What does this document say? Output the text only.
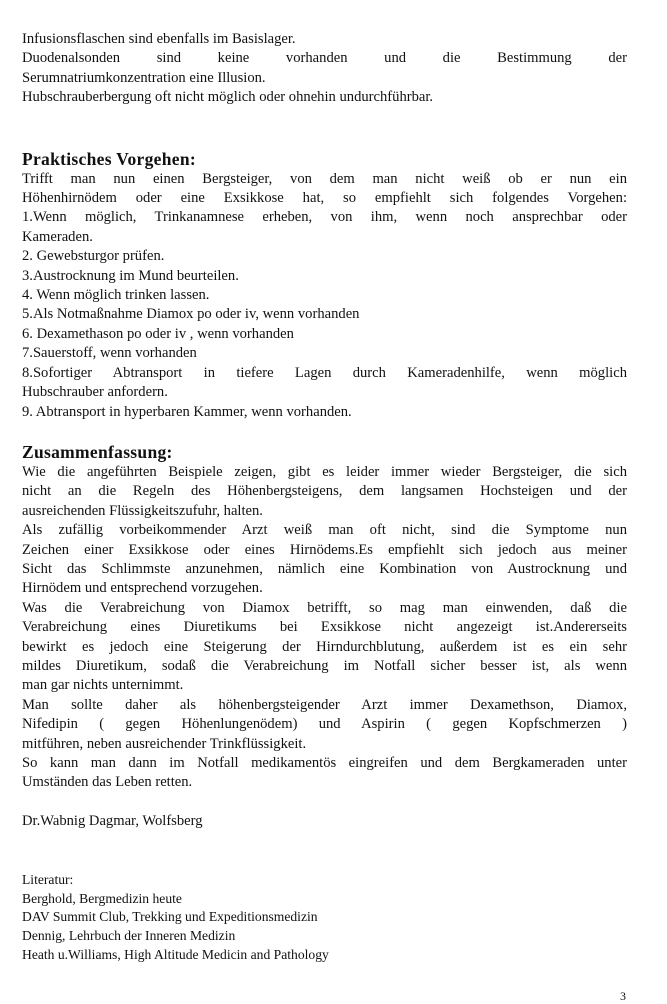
Infusionsflaschen sind ebenfalls im Basislager.
Duodenalsonden sind keine vorhanden und die Bestimmung der
Serumnatriumkonzentration eine Illusion.
Hubschrauberbergung oft nicht möglich oder ohnehin undurchführbar.
Praktisches Vorgehen:
Trifft man nun einen Bergsteiger, von dem man nicht weiß ob er nun ein
Höhenhirnödem oder eine Exsikkose hat, so empfiehlt sich folgendes Vorgehen:
1.Wenn möglich, Trinkanamnese erheben, von ihm, wenn noch ansprechbar oder
Kameraden.
2. Gewebsturgor prüfen.
3.Austrocknung im Mund beurteilen.
4. Wenn möglich trinken lassen.
5.Als Notmaßnahme Diamox po oder iv, wenn vorhanden
6. Dexamethason po oder iv , wenn vorhanden
7.Sauerstoff, wenn vorhanden
8.Sofortiger Abtransport in tiefere Lagen durch Kameradenhilfe, wenn möglich
Hubschrauber anfordern.
9. Abtransport in hyperbaren Kammer, wenn vorhanden.
Zusammenfassung:
Wie die angeführten Beispiele zeigen, gibt es leider immer wieder Bergsteiger, die sich
nicht an die Regeln des Höhenbergsteigens, dem langsamen Hochsteigen und der
ausreichenden Flüssigkeitszufuhr, halten.
Als zufällig vorbeikommender Arzt weiß man oft nicht, sind die Symptome nun
Zeichen einer Exsikkose oder eines Hirnödems.Es empfiehlt sich jedoch aus meiner
Sicht das Schlimmste anzunehmen, nämlich eine Kombination von Austrocknung und
Hirnödem und entsprechend vorzugehen.
Was die Verabreichung von Diamox betrifft, so mag man einwenden, daß die
Verabreichung eines Diuretikums bei Exsikkose nicht angezeigt ist.Andererseits
bewirkt es jedoch eine Steigerung der Hirndurchblutung, außerdem ist es ein sehr
mildes Diuretikum, sodaß die Verabreichung im Notfall sicher besser ist, als wenn
man gar nichts unternimmt.
Man sollte daher als höhenbergsteigender Arzt immer Dexamethson, Diamox,
Nifedipin ( gegen Höhenlungenödem) und Aspirin ( gegen Kopfschmerzen )
mitführen, neben ausreichender Trinkflüssigkeit.
So kann man dann im Notfall medikamentös eingreifen und dem Bergkameraden unter
Umständen das Leben retten.
Dr.Wabnig Dagmar, Wolfsberg
Literatur:
Berghold, Bergmedizin heute
DAV Summit Club, Trekking und Expeditionsmedizin
Dennig, Lehrbuch der Inneren Medizin
Heath u.Williams, High Altitude Medicin and Pathology
3
